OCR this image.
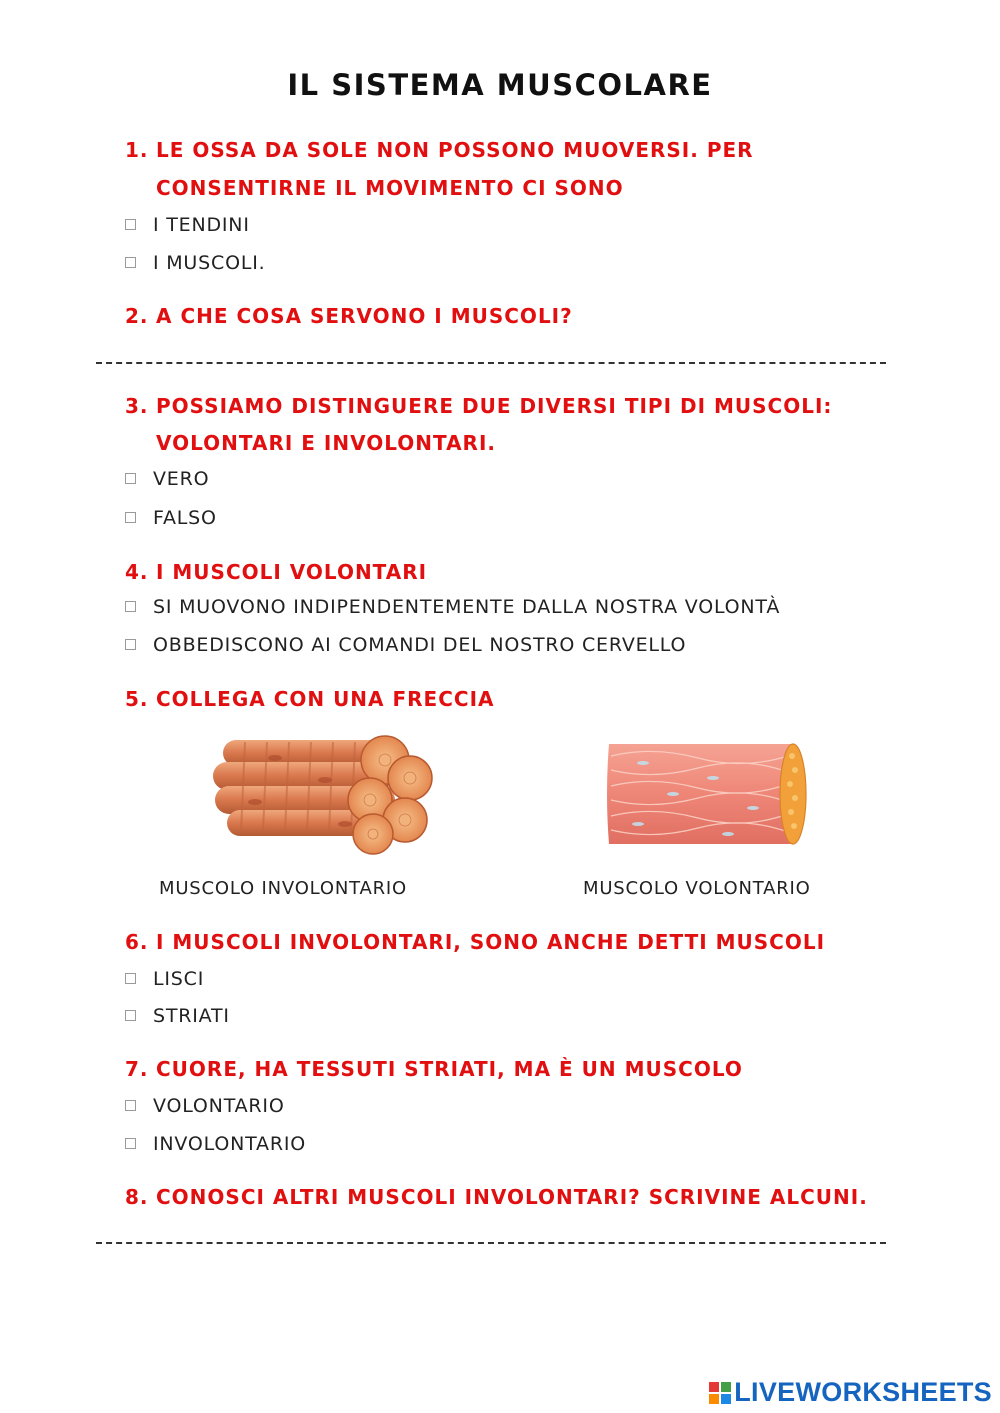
IL SISTEMA MUSCOLARE
1. LE OSSA DA SOLE NON POSSONO MUOVERSI. PER
CONSENTIRNE IL MOVIMENTO CI SONO
I TENDINI
I MUSCOLI.
2. A CHE COSA SERVONO I MUSCOLI?
3. POSSIAMO DISTINGUERE DUE DIVERSI TIPI DI MUSCOLI:
VOLONTARI E INVOLONTARI.
VERO
FALSO
4. I MUSCOLI VOLONTARI
SI MUOVONO INDIPENDENTEMENTE DALLA NOSTRA VOLONTÀ
OBBEDISCONO AI COMANDI DEL NOSTRO CERVELLO
5. COLLEGA CON UNA FRECCIA
MUSCOLO INVOLONTARIO	MUSCOLO VOLONTARIO
6. I MUSCOLI INVOLONTARI, SONO ANCHE DETTI MUSCOLI
LISCI
STRIATI
7. CUORE, HA TESSUTI STRIATI, MA È UN MUSCOLO
VOLONTARIO
INVOLONTARIO
8. CONOSCI ALTRI MUSCOLI INVOLONTARI? SCRIVINE ALCUNI.
LIVEWORKSHEETS
